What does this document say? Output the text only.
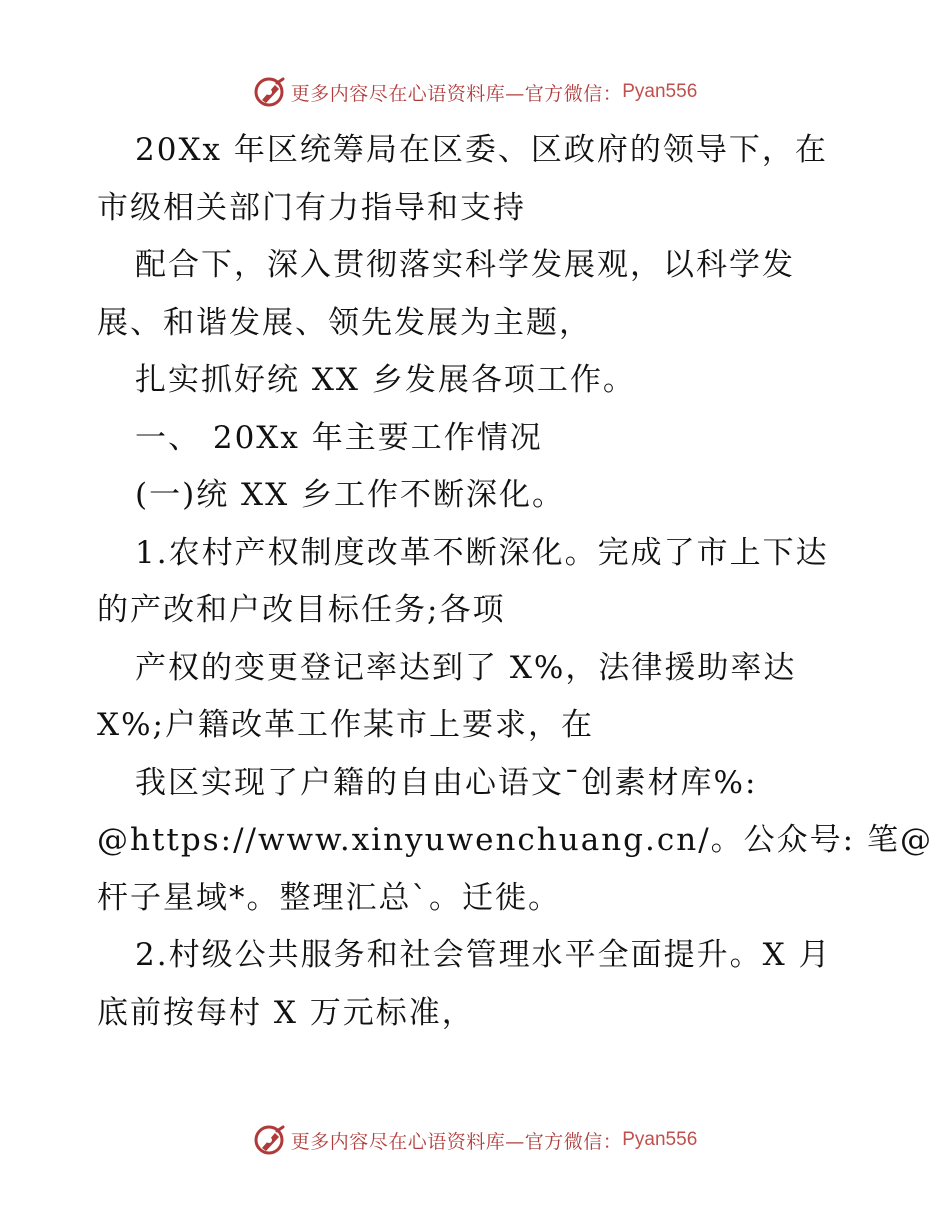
更多内容尽在心语资料库—官方微信： Pyan556
20Xx 年区统筹局在区委、区政府的领导下，在
市级相关部门有力指导和支持
配合下，深入贯彻落实科学发展观，以科学发
展、和谐发展、领先发展为主题，
扎实抓好统 XX 乡发展各项工作。
一、 20Xx 年主要工作情况
(一)统 XX 乡工作不断深化。
1.农村产权制度改革不断深化。完成了市上下达
的产改和户改目标任务;各项
产权的变更登记率达到了 X%，法律援助率达
X%;户籍改革工作某市上要求，在
我区实现了户籍的自由心语文¯创素材库%:
@https://www.xinyuwenchuang.cn/。公众号: 笔@
杆子星域*。整理汇总ˋ。迁徙。
2.村级公共服务和社会管理水平全面提升。X 月
底前按每村 X 万元标准，
更多内容尽在心语资料库—官方微信： Pyan556
